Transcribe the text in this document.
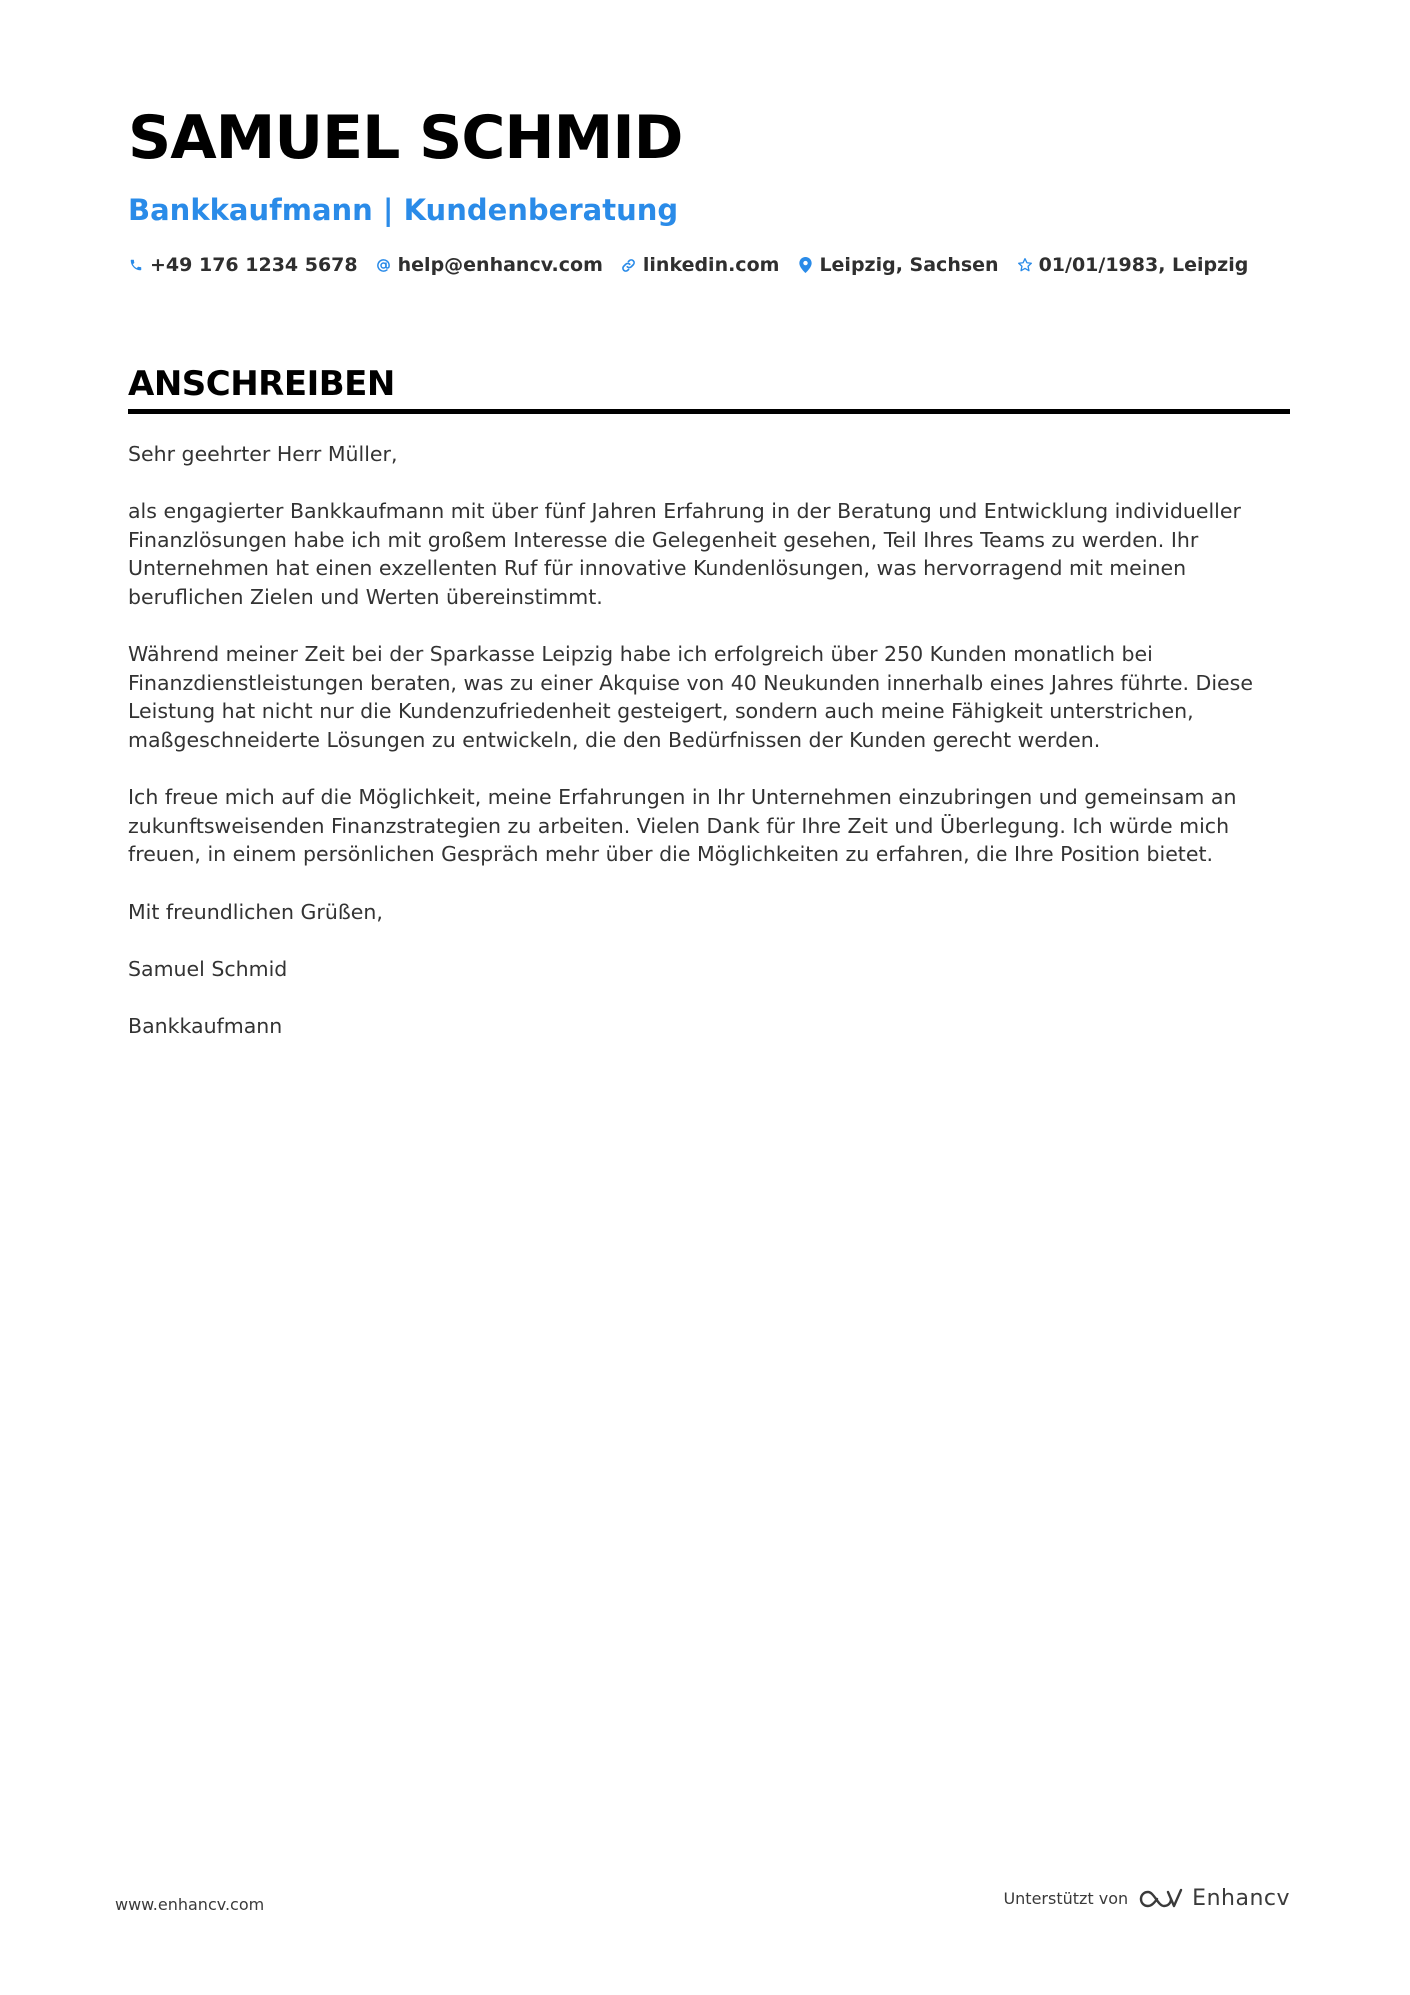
SAMUEL SCHMID
Bankkaufmann | Kundenberatung
+49 176 1234 5678 help@enhancv.com linkedin.com Leipzig, Sachsen 01/01/1983, Leipzig
ANSCHREIBEN

Sehr geehrter Herr Müller,

als engagierter Bankkaufmann mit über fünf Jahren Erfahrung in der Beratung und Entwicklung individueller Finanzlösungen habe ich mit großem Interesse die Gelegenheit gesehen, Teil Ihres Teams zu werden. Ihr Unternehmen hat einen exzellenten Ruf für innovative Kundenlösungen, was hervorragend mit meinen beruflichen Zielen und Werten übereinstimmt.

Während meiner Zeit bei der Sparkasse Leipzig habe ich erfolgreich über 250 Kunden monatlich bei Finanzdienstleistungen beraten, was zu einer Akquise von 40 Neukunden innerhalb eines Jahres führte. Diese Leistung hat nicht nur die Kundenzufriedenheit gesteigert, sondern auch meine Fähigkeit unterstrichen, maßgeschneiderte Lösungen zu entwickeln, die den Bedürfnissen der Kunden gerecht werden.

Ich freue mich auf die Möglichkeit, meine Erfahrungen in Ihr Unternehmen einzubringen und gemeinsam an zukunftsweisenden Finanzstrategien zu arbeiten. Vielen Dank für Ihre Zeit und Überlegung. Ich würde mich freuen, in einem persönlichen Gespräch mehr über die Möglichkeiten zu erfahren, die Ihre Position bietet.

Mit freundlichen Grüßen,

Samuel Schmid

Bankkaufmann

www.enhancv.com	Unterstützt von	Enhancv
